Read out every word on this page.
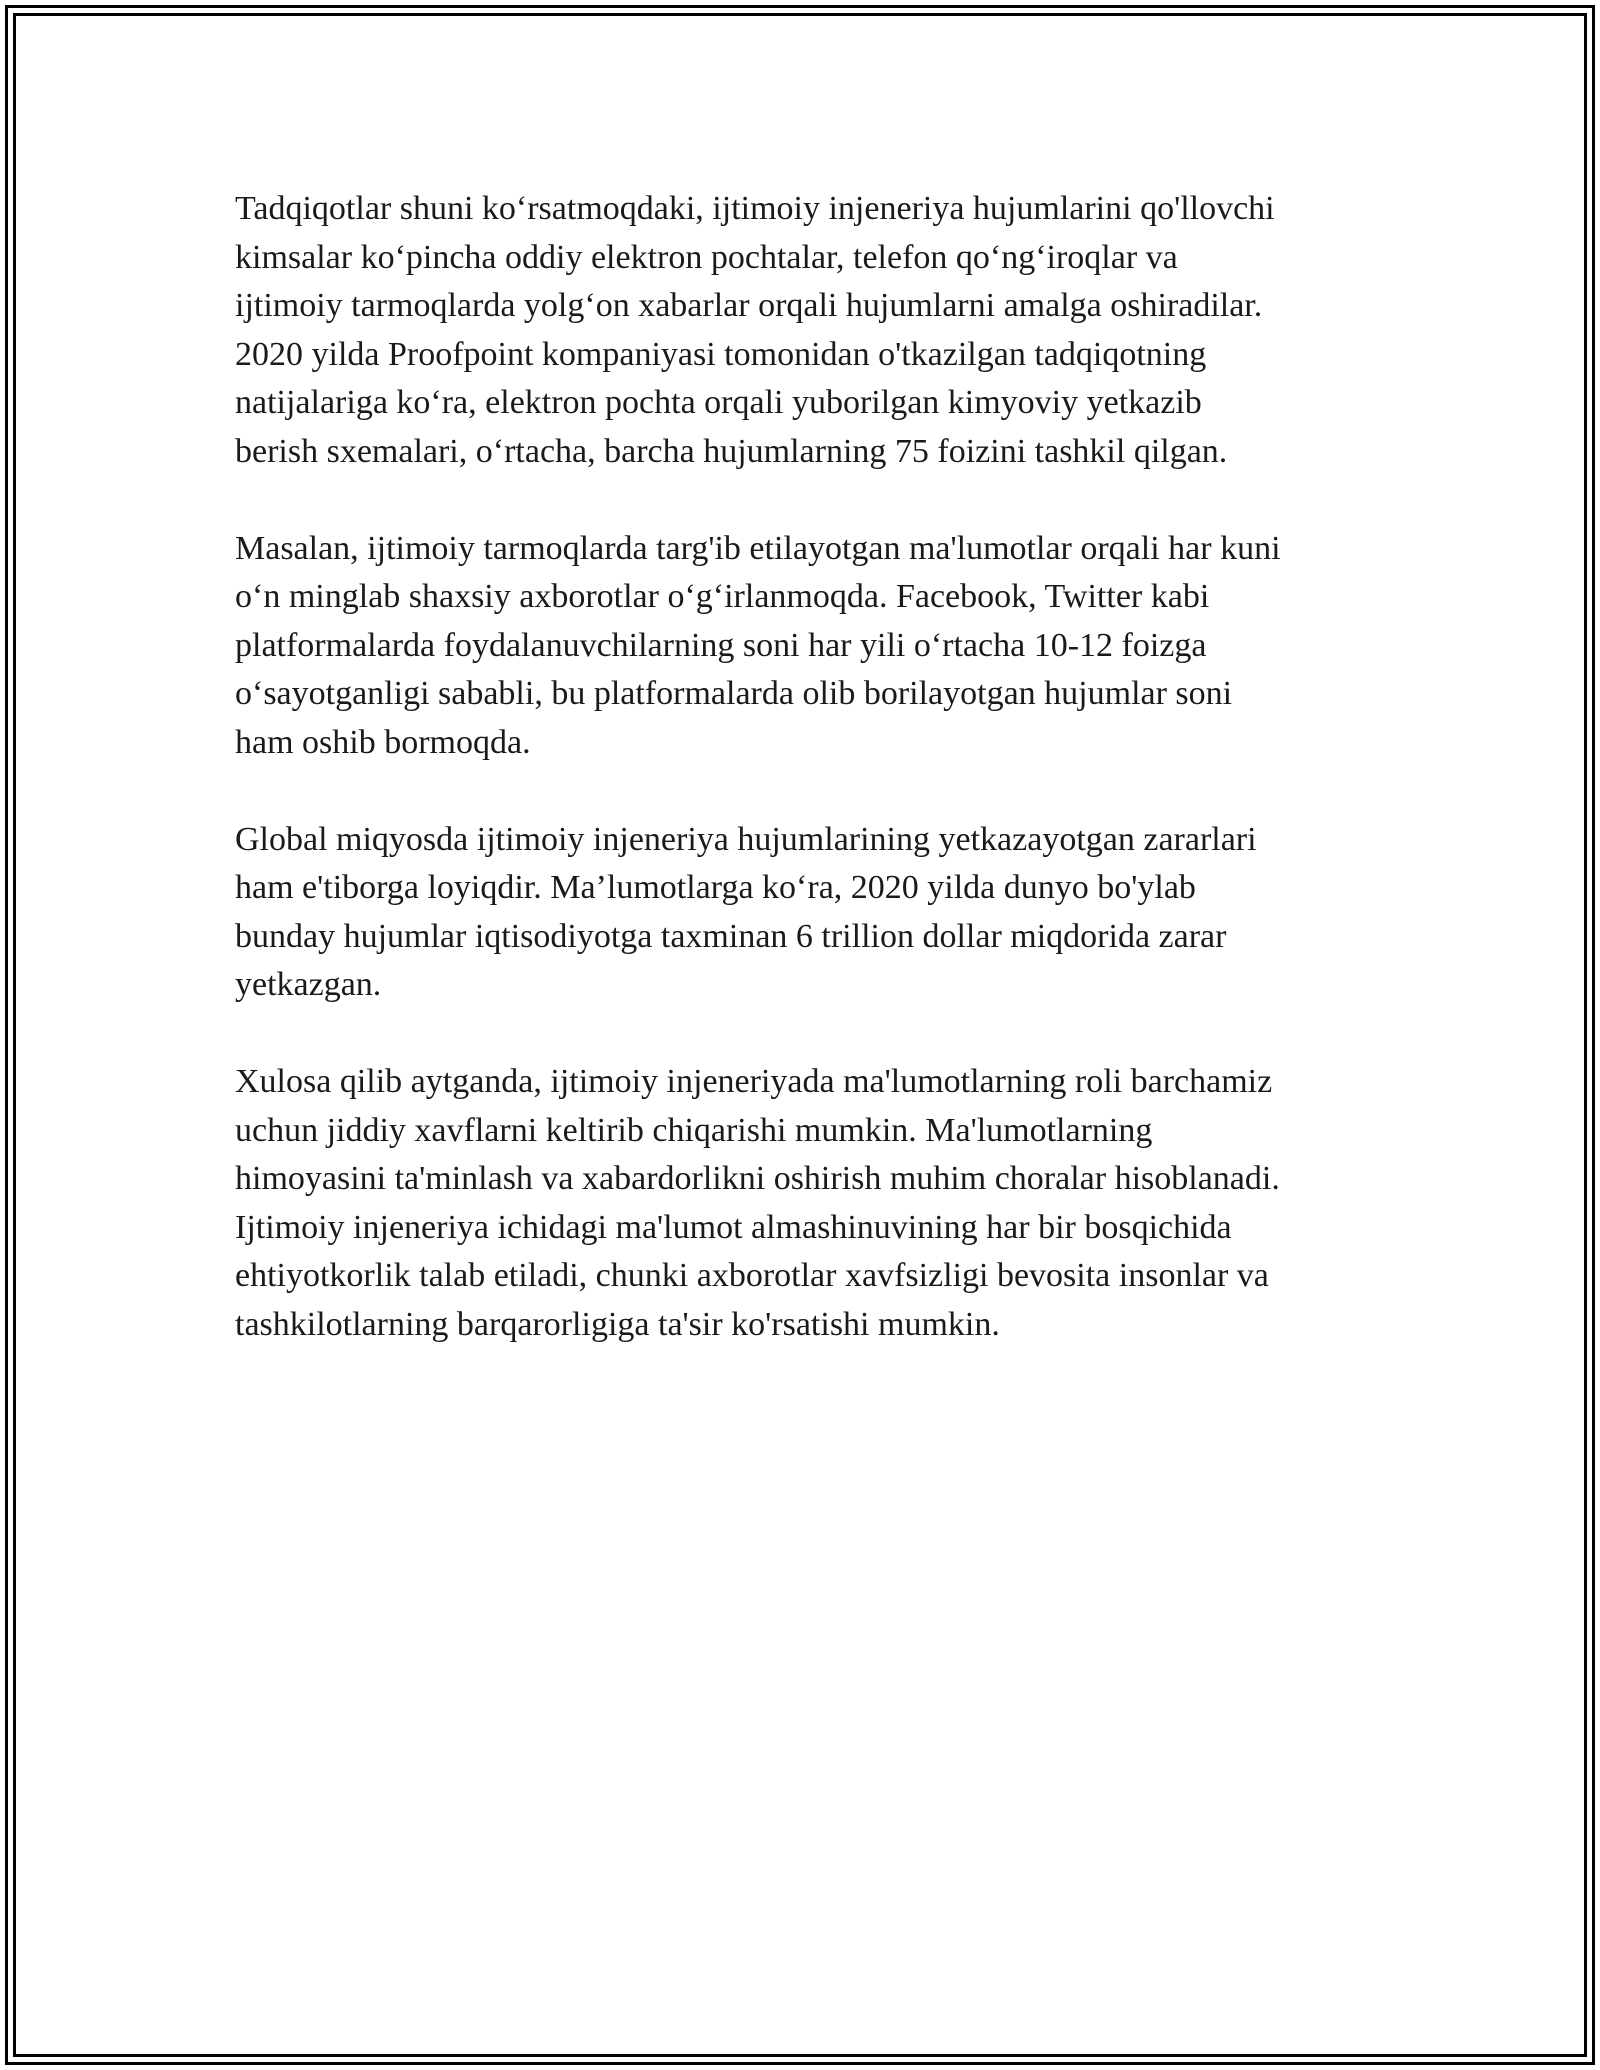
Tadqiqotlar shuni koʻrsatmoqdaki, ijtimoiy injeneriya hujumlarini qo'llovchi
kimsalar koʻpincha oddiy elektron pochtalar, telefon qoʻngʻiroqlar va
ijtimoiy tarmoqlarda yolgʻon xabarlar orqali hujumlarni amalga oshiradilar.
2020 yilda Proofpoint kompaniyasi tomonidan o'tkazilgan tadqiqotning
natijalariga koʻra, elektron pochta orqali yuborilgan kimyoviy yetkazib
berish sxemalari, oʻrtacha, barcha hujumlarning 75 foizini tashkil qilgan.

Masalan, ijtimoiy tarmoqlarda targ'ib etilayotgan ma'lumotlar orqali har kuni
oʻn minglab shaxsiy axborotlar oʻgʻirlanmoqda. Facebook, Twitter kabi
platformalarda foydalanuvchilarning soni har yili oʻrtacha 10-12 foizga
oʻsayotganligi sababli, bu platformalarda olib borilayotgan hujumlar soni
ham oshib bormoqda.

Global miqyosda ijtimoiy injeneriya hujumlarining yetkazayotgan zararlari
ham e'tiborga loyiqdir. Ma’lumotlarga koʻra, 2020 yilda dunyo bo'ylab
bunday hujumlar iqtisodiyotga taxminan 6 trillion dollar miqdorida zarar
yetkazgan.

Xulosa qilib aytganda, ijtimoiy injeneriyada ma'lumotlarning roli barchamiz
uchun jiddiy xavflarni keltirib chiqarishi mumkin. Ma'lumotlarning
himoyasini ta'minlash va xabardorlikni oshirish muhim choralar hisoblanadi.
Ijtimoiy injeneriya ichidagi ma'lumot almashinuvining har bir bosqichida
ehtiyotkorlik talab etiladi, chunki axborotlar xavfsizligi bevosita insonlar va
tashkilotlarning barqarorligiga ta'sir ko'rsatishi mumkin.
